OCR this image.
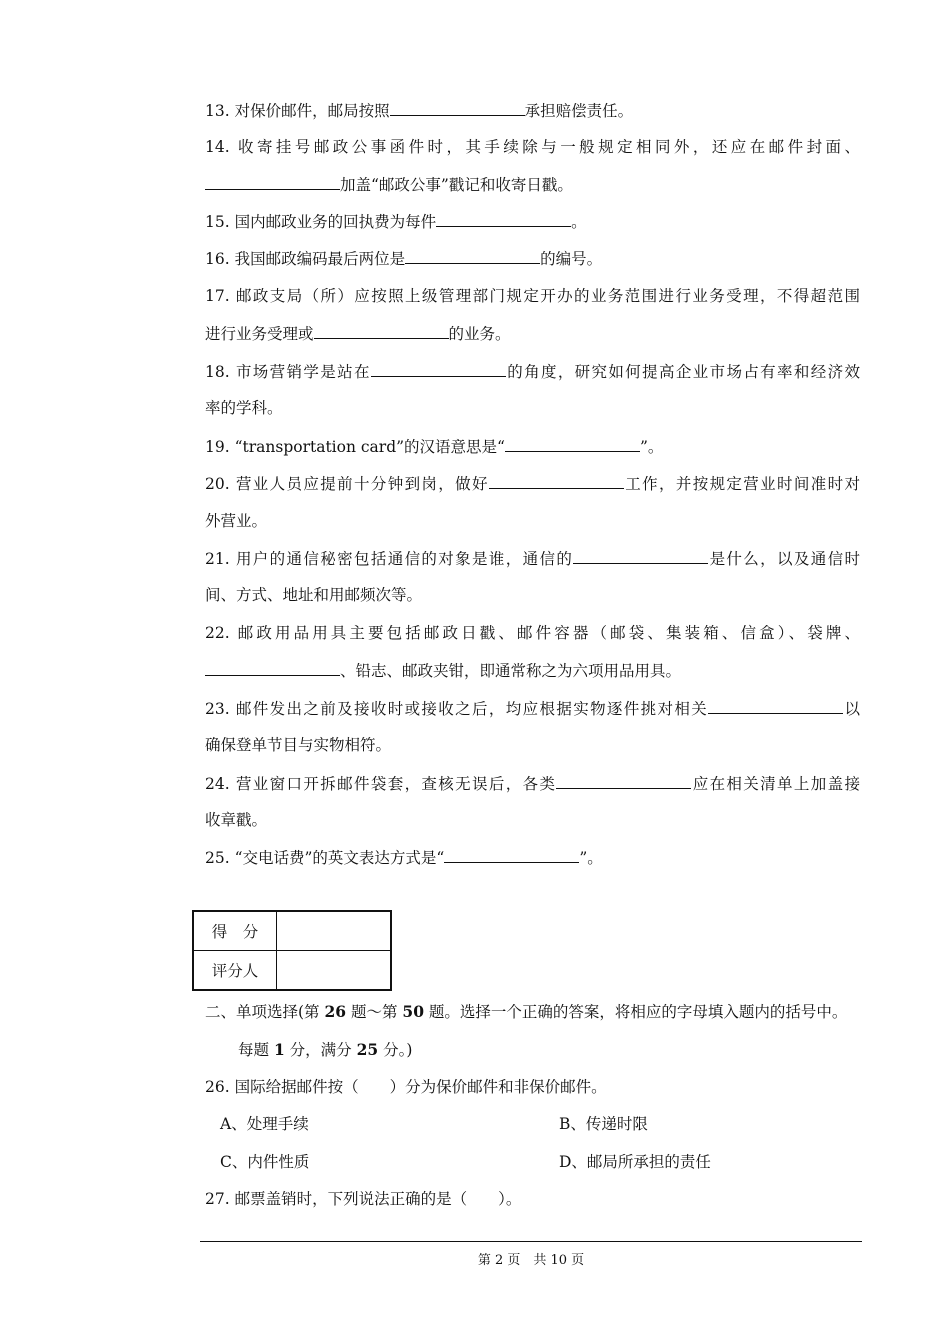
13. 对保价邮件，邮局按照	承担赔偿责任。
14. 收寄挂号邮政公事函件时，其手续除与一般规定相同外，还应在邮件封面、
加盖“邮政公事”戳记和收寄日戳。
15. 国内邮政业务的回执费为每件	。
16. 我国邮政编码最后两位是	的编号。
17. 邮政支局（所）应按照上级管理部门规定开办的业务范围进行业务受理，不得超范围
进行业务受理或	的业务。
18. 市场营销学是站在	的角度，研究如何提高企业市场占有率和经济效
率的学科。
19. “transportation card”的汉语意思是“	”。
20. 营业人员应提前十分钟到岗，做好	工作，并按规定营业时间准时对
外营业。
21. 用户的通信秘密包括通信的对象是谁，通信的	是什么，以及通信时
间、方式、地址和用邮频次等。
22. 邮政用品用具主要包括邮政日戳、邮件容器（邮袋、集装箱、信盒）、袋牌、
、铅志、邮政夹钳，即通常称之为六项用品用具。
23. 邮件发出之前及接收时或接收之后，均应根据实物逐件挑对相关	以
确保登单节目与实物相符。
24. 营业窗口开拆邮件袋套，查核无误后，各类	应在相关清单上加盖接
收章戳。
25. “交电话费”的英文表达方式是“	”。
得　分	
评分人	
二、单项选择(第 26 题～第 50 题。选择一个正确的答案，将相应的字母填入题内的括号中。
每题 1 分，满分 25 分。)
26. 国际给据邮件按（　　）分为保价邮件和非保价邮件。
A、处理手续	B、传递时限
C、内件性质	D、邮局所承担的责任
27. 邮票盖销时，下列说法正确的是（　　）。
第 2 页　共 10 页
